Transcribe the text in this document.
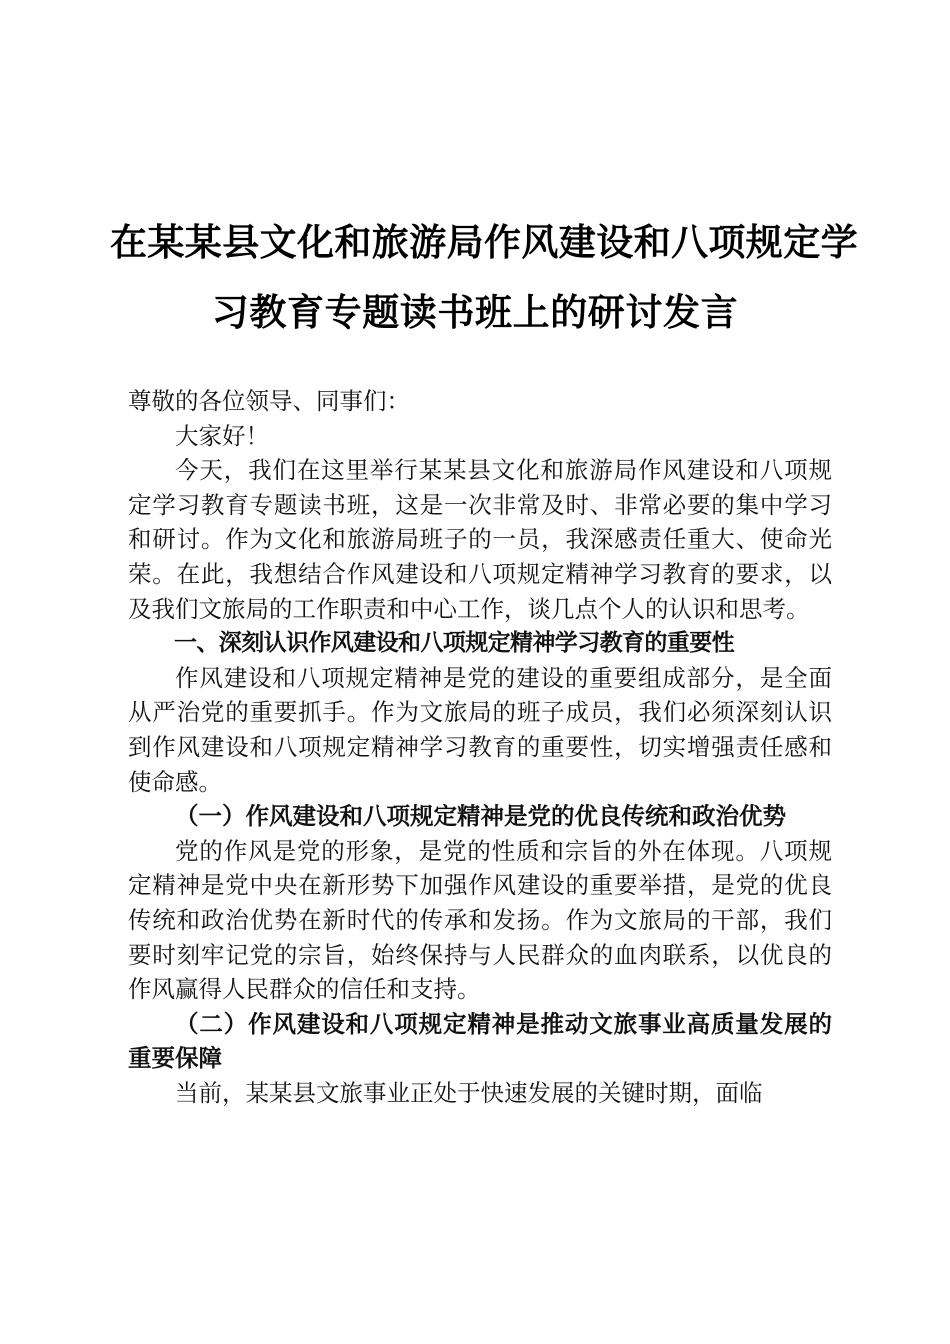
在某某县文化和旅游局作风建设和八项规定学
习教育专题读书班上的研讨发言

尊敬的各位领导、同事们：

大家好！

今天，我们在这里举行某某县文化和旅游局作风建设和八项规定学习教育专题读书班，这是一次非常及时、非常必要的集中学习和研讨。作为文化和旅游局班子的一员，我深感责任重大、使命光荣。在此，我想结合作风建设和八项规定精神学习教育的要求，以及我们文旅局的工作职责和中心工作，谈几点个人的认识和思考。

一、深刻认识作风建设和八项规定精神学习教育的重要性

作风建设和八项规定精神是党的建设的重要组成部分，是全面从严治党的重要抓手。作为文旅局的班子成员，我们必须深刻认识到作风建设和八项规定精神学习教育的重要性，切实增强责任感和使命感。

（一）作风建设和八项规定精神是党的优良传统和政治优势

党的作风是党的形象，是党的性质和宗旨的外在体现。八项规定精神是党中央在新形势下加强作风建设的重要举措，是党的优良传统和政治优势在新时代的传承和发扬。作为文旅局的干部，我们要时刻牢记党的宗旨，始终保持与人民群众的血肉联系，以优良的作风赢得人民群众的信任和支持。

（二）作风建设和八项规定精神是推动文旅事业高质量发展的重要保障

当前，某某县文旅事业正处于快速发展的关键时期，面临
